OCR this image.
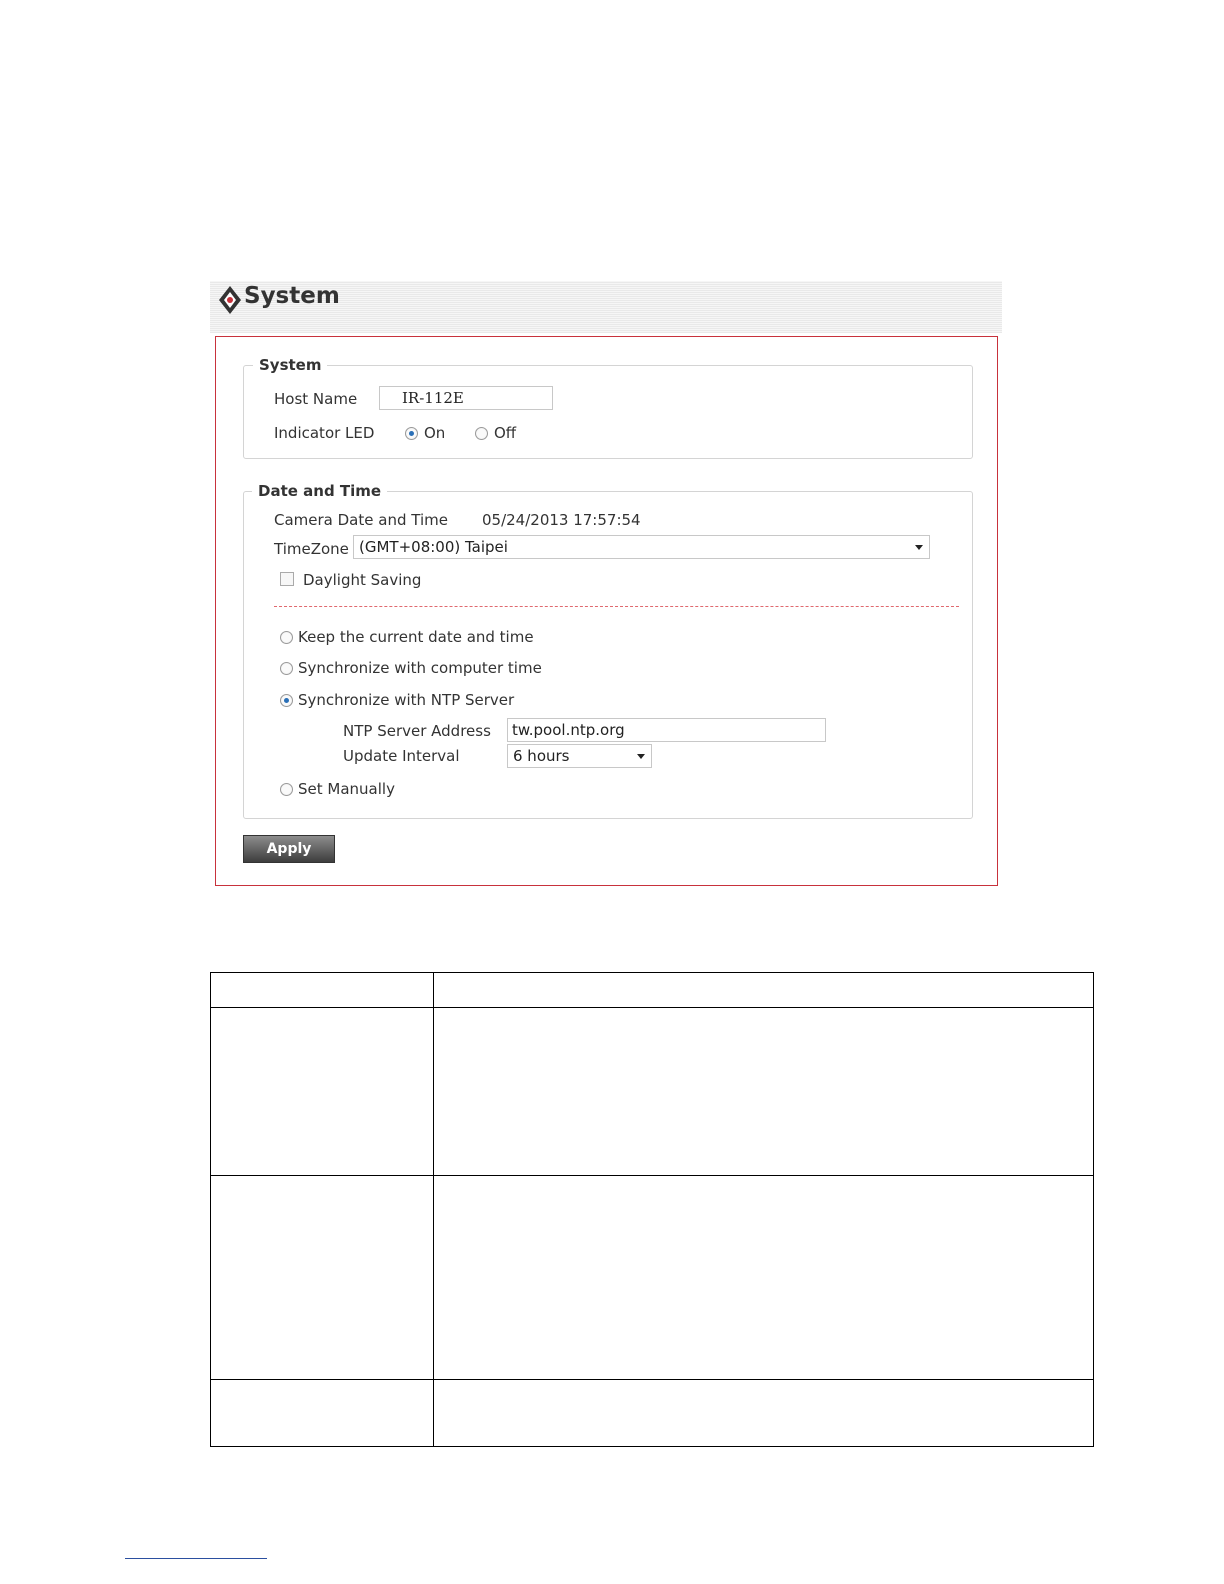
System
System
Host Name	IR-112E
Indicator LED	On	Off
Date and Time
Camera Date and Time 05/24/2013 17:57:54
TimeZone (GMT+08:00) Taipei
Daylight Saving
Keep the current date and time
Synchronize with computer time
Synchronize with NTP Server
NTP Server Address	tw.pool.ntp.org
Update Interval	6 hours
Set Manually
Apply
